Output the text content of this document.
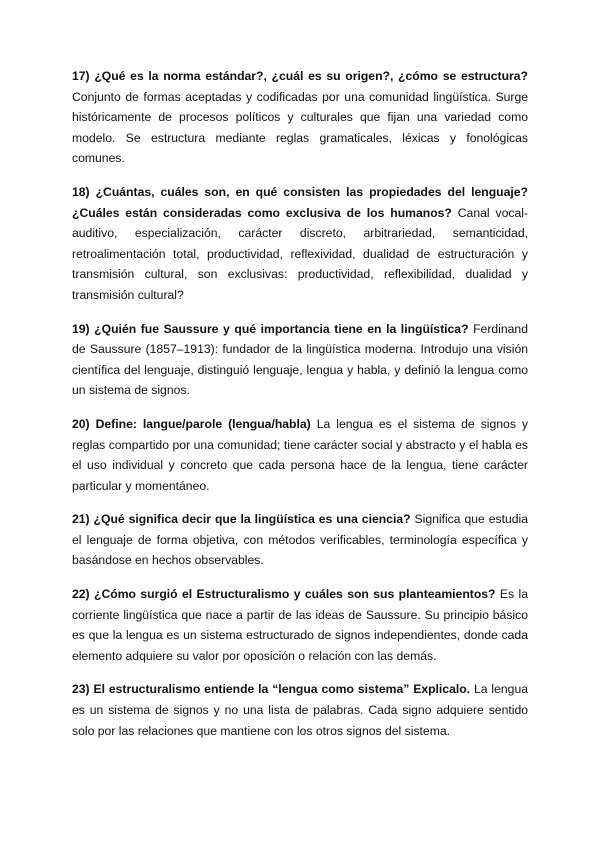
17) ¿Qué es la norma estándar?, ¿cuál es su origen?, ¿cómo se estructura? Conjunto de formas aceptadas y codificadas por una comunidad lingüística. Surge históricamente de procesos políticos y culturales que fijan una variedad como modelo. Se estructura mediante reglas gramaticales, léxicas y fonológicas comunes.

18) ¿Cuántas, cuáles son, en qué consisten las propiedades del lenguaje? ¿Cuáles están consideradas como exclusiva de los humanos? Canal vocal-auditivo, especialización, carácter discreto, arbitrariedad, semanticidad, retroalimentación total, productividad, reflexividad, dualidad de estructuración y transmisión cultural, son exclusivas: productividad, reflexibilidad, dualidad y transmisión cultural?

19) ¿Quién fue Saussure y qué importancia tiene en la lingüística? Ferdinand de Saussure (1857–1913): fundador de la lingüística moderna. Introdujo una visión científica del lenguaje, distinguió lenguaje, lengua y habla, y definió la lengua como un sistema de signos.

20) Define: langue/parole (lengua/habla) La lengua es el sistema de signos y reglas compartido por una comunidad; tiene carácter social y abstracto y el habla es el uso individual y concreto que cada persona hace de la lengua, tiene carácter particular y momentáneo.

21) ¿Qué significa decir que la lingüística es una ciencia? Significa que estudia el lenguaje de forma objetiva, con métodos verificables, terminología específica y basándose en hechos observables.

22) ¿Cómo surgió el Estructuralismo y cuáles son sus planteamientos? Es la corriente lingüística que nace a partir de las ideas de Saussure. Su principio básico es que la lengua es un sistema estructurado de signos independientes, donde cada elemento adquiere su valor por oposición o relación con las demás.

23) El estructuralismo entiende la “lengua como sistema” Explicalo. La lengua es un sistema de signos y no una lista de palabras. Cada signo adquiere sentido solo por las relaciones que mantiene con los otros signos del sistema.
